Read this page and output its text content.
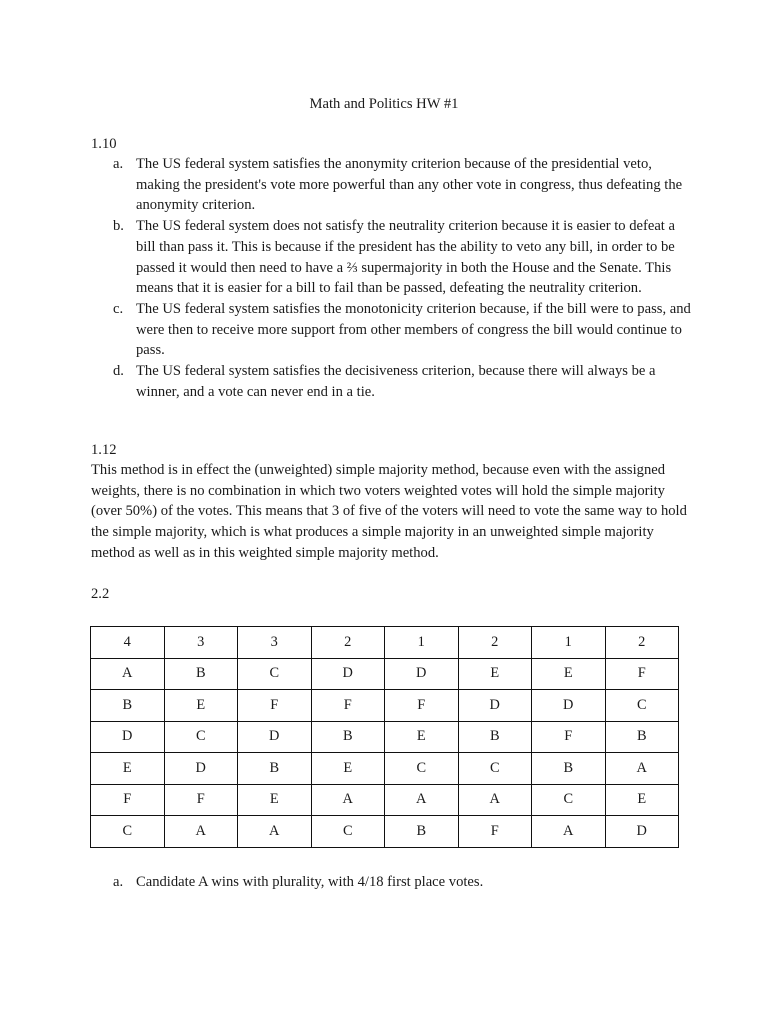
Math and Politics HW #1
1.10
a. The US federal system satisfies the anonymity criterion because of the presidential veto, making the president's vote more powerful than any other vote in congress, thus defeating the anonymity criterion.
b. The US federal system does not satisfy the neutrality criterion because it is easier to defeat a bill than pass it. This is because if the president has the ability to veto any bill, in order to be passed it would then need to have a ⅔ supermajority in both the House and the Senate. This means that it is easier for a bill to fail than be passed, defeating the neutrality criterion.
c. The US federal system satisfies the monotonicity criterion because, if the bill were to pass, and were then to receive more support from other members of congress the bill would continue to pass.
d. The US federal system satisfies the decisiveness criterion, because there will always be a winner, and a vote can never end in a tie.
1.12
This method is in effect the (unweighted) simple majority method, because even with the assigned weights, there is no combination in which two voters weighted votes will hold the simple majority (over 50%) of the votes. This means that 3 of five of the voters will need to vote the same way to hold the simple majority, which is what produces a simple majority in an unweighted simple majority method as well as in this weighted simple majority method.
2.2
4	3	3	2	1	2	1	2
A	B	C	D	D	E	E	F
B	E	F	F	F	D	D	C
D	C	D	B	E	B	F	B
E	D	B	E	C	C	B	A
F	F	E	A	A	A	C	E
C	A	A	C	B	F	A	D
a. Candidate A wins with plurality, with 4/18 first place votes.
